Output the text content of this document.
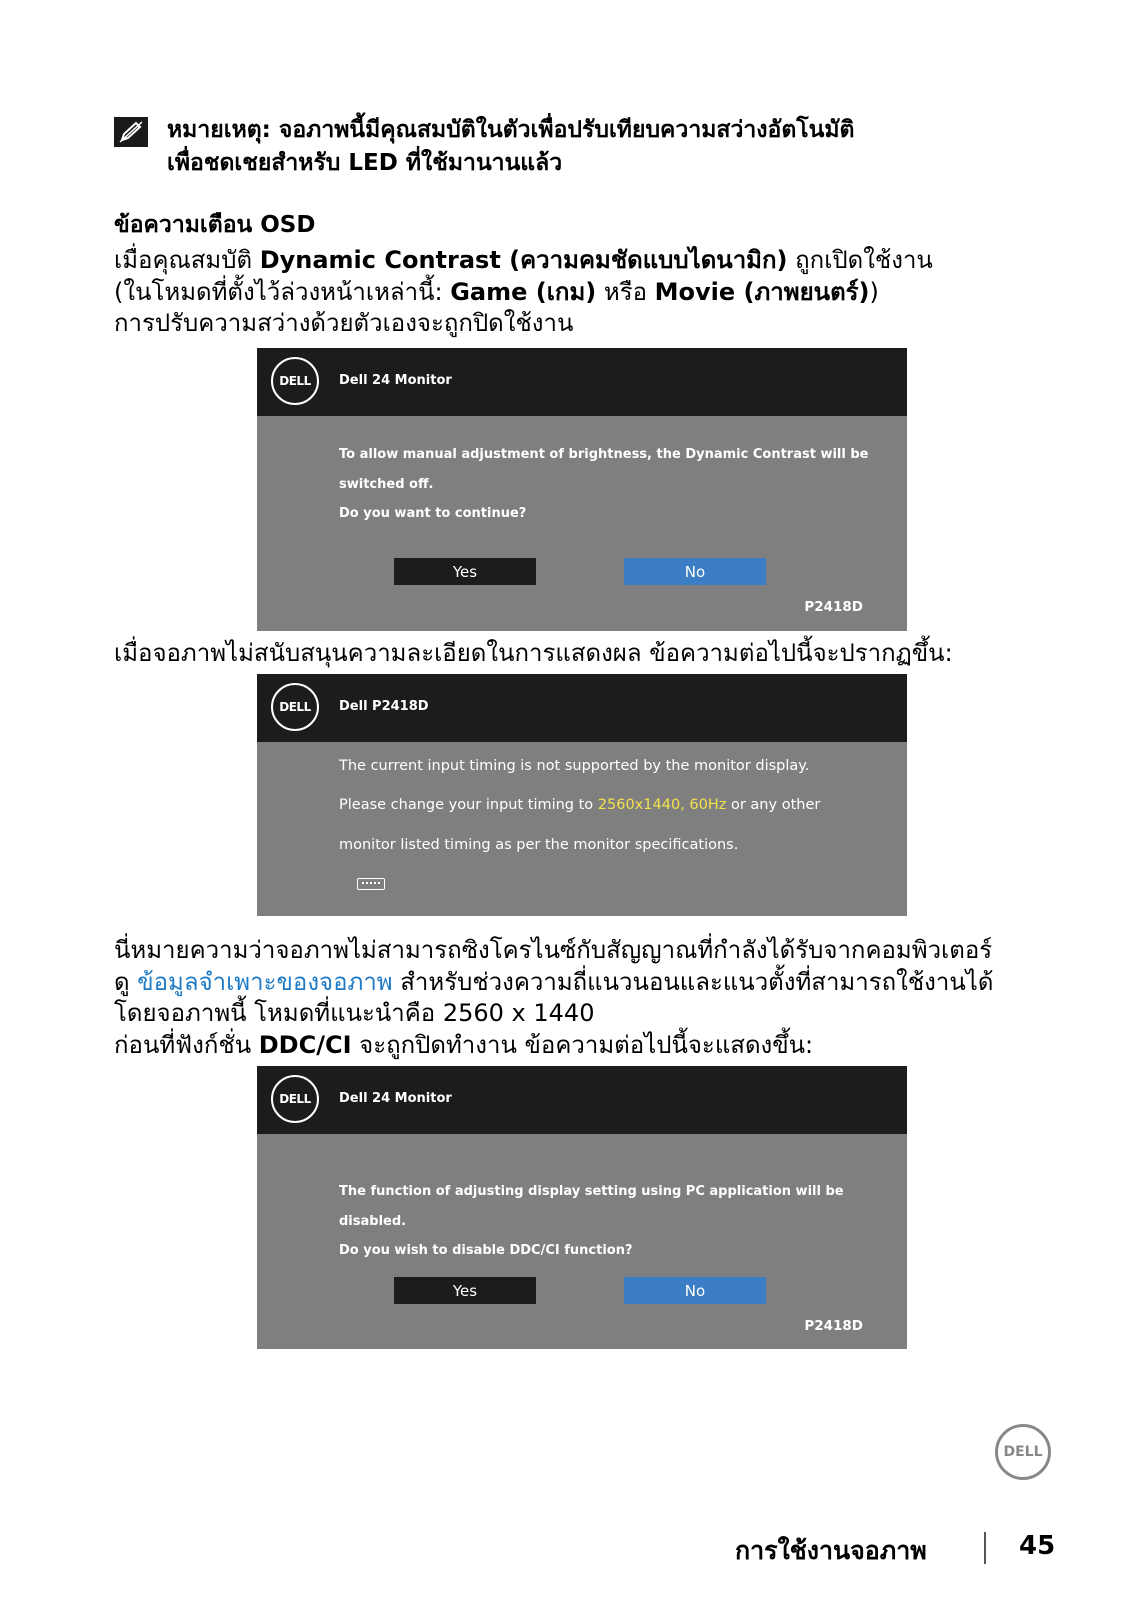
หมายเหตุ: จอภาพนี้มีคุณสมบัติในตัวเพื่อปรับเทียบความสว่างอัตโนมัติ
เพื่อชดเชยสำหรับ LED ที่ใช้มานานแล้ว
ข้อความเตือน OSD
เมื่อคุณสมบัติ Dynamic Contrast (ความคมชัดแบบไดนามิก) ถูกเปิดใช้งาน
(ในโหมดที่ตั้งไว้ล่วงหน้าเหล่านี้: Game (เกม) หรือ Movie (ภาพยนตร์))
การปรับความสว่างด้วยตัวเองจะถูกปิดใช้งาน
DELL	Dell 24 Monitor
To allow manual adjustment of brightness, the Dynamic Contrast will be
switched off.
Do you want to continue?
Yes	No
P2418D
เมื่อจอภาพไม่สนับสนุนความละเอียดในการแสดงผล ข้อความต่อไปนี้จะปรากฏขึ้น:
DELL	Dell P2418D
The current input timing is not supported by the monitor display.
Please change your input timing to 2560x1440, 60Hz or any other
monitor listed timing as per the monitor specifications.
นี่หมายความว่าจอภาพไม่สามารถซิงโครไนซ์กับสัญญาณที่กำลังได้รับจากคอมพิวเตอร์
ดู ข้อมูลจำเพาะของจอภาพ สำหรับช่วงความถี่แนวนอนและแนวตั้งที่สามารถใช้งานได้
โดยจอภาพนี้ โหมดที่แนะนำคือ 2560 x 1440
ก่อนที่ฟังก์ชั่น DDC/CI จะถูกปิดทำงาน ข้อความต่อไปนี้จะแสดงขึ้น:
DELL	Dell 24 Monitor
The function of adjusting display setting using PC application will be
disabled.
Do you wish to disable DDC/CI function?
Yes	No
P2418D
DELL
การใช้งานจอภาพ	45
